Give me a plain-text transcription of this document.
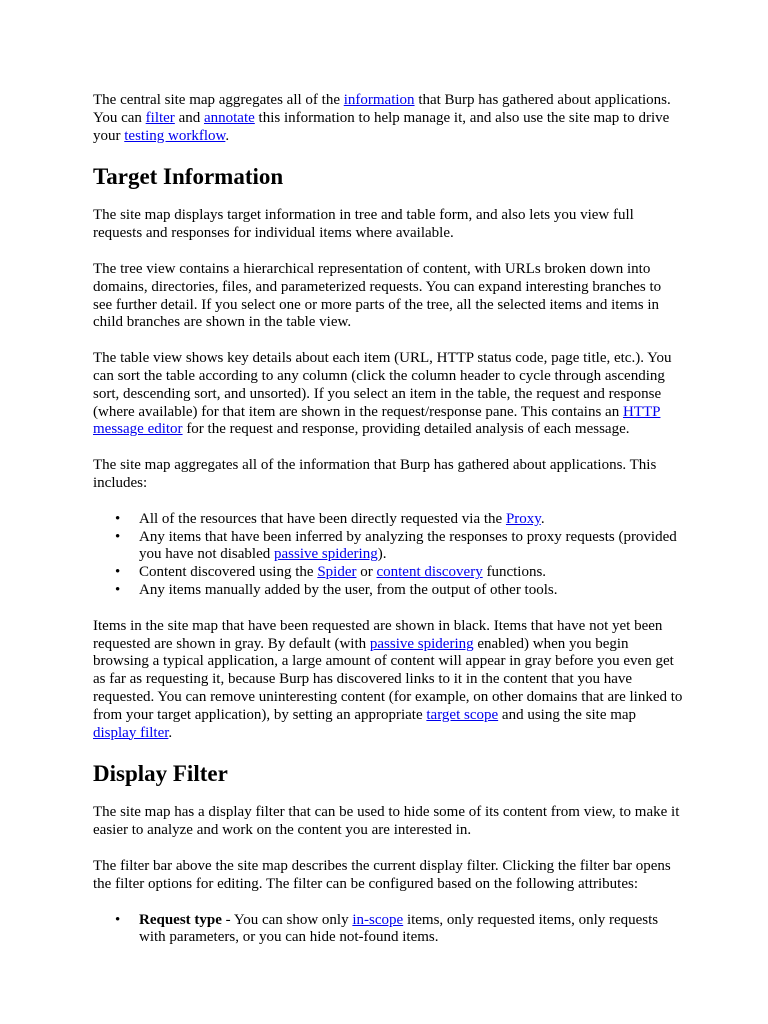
The central site map aggregates all of the information that Burp has gathered about applications. You can filter and annotate this information to help manage it, and also use the site map to drive your testing workflow.

Target Information

The site map displays target information in tree and table form, and also lets you view full requests and responses for individual items where available.

The tree view contains a hierarchical representation of content, with URLs broken down into domains, directories, files, and parameterized requests. You can expand interesting branches to see further detail. If you select one or more parts of the tree, all the selected items and items in child branches are shown in the table view.

The table view shows key details about each item (URL, HTTP status code, page title, etc.). You can sort the table according to any column (click the column header to cycle through ascending sort, descending sort, and unsorted). If you select an item in the table, the request and response (where available) for that item are shown in the request/response pane. This contains an HTTP message editor for the request and response, providing detailed analysis of each message.

The site map aggregates all of the information that Burp has gathered about applications. This includes:

• All of the resources that have been directly requested via the Proxy.
• Any items that have been inferred by analyzing the responses to proxy requests (provided you have not disabled passive spidering).
• Content discovered using the Spider or content discovery functions.
• Any items manually added by the user, from the output of other tools.

Items in the site map that have been requested are shown in black. Items that have not yet been requested are shown in gray. By default (with passive spidering enabled) when you begin browsing a typical application, a large amount of content will appear in gray before you even get as far as requesting it, because Burp has discovered links to it in the content that you have requested. You can remove uninteresting content (for example, on other domains that are linked to from your target application), by setting an appropriate target scope and using the site map display filter.

Display Filter

The site map has a display filter that can be used to hide some of its content from view, to make it easier to analyze and work on the content you are interested in.

The filter bar above the site map describes the current display filter. Clicking the filter bar opens the filter options for editing. The filter can be configured based on the following attributes:

• Request type - You can show only in-scope items, only requested items, only requests with parameters, or you can hide not-found items.
